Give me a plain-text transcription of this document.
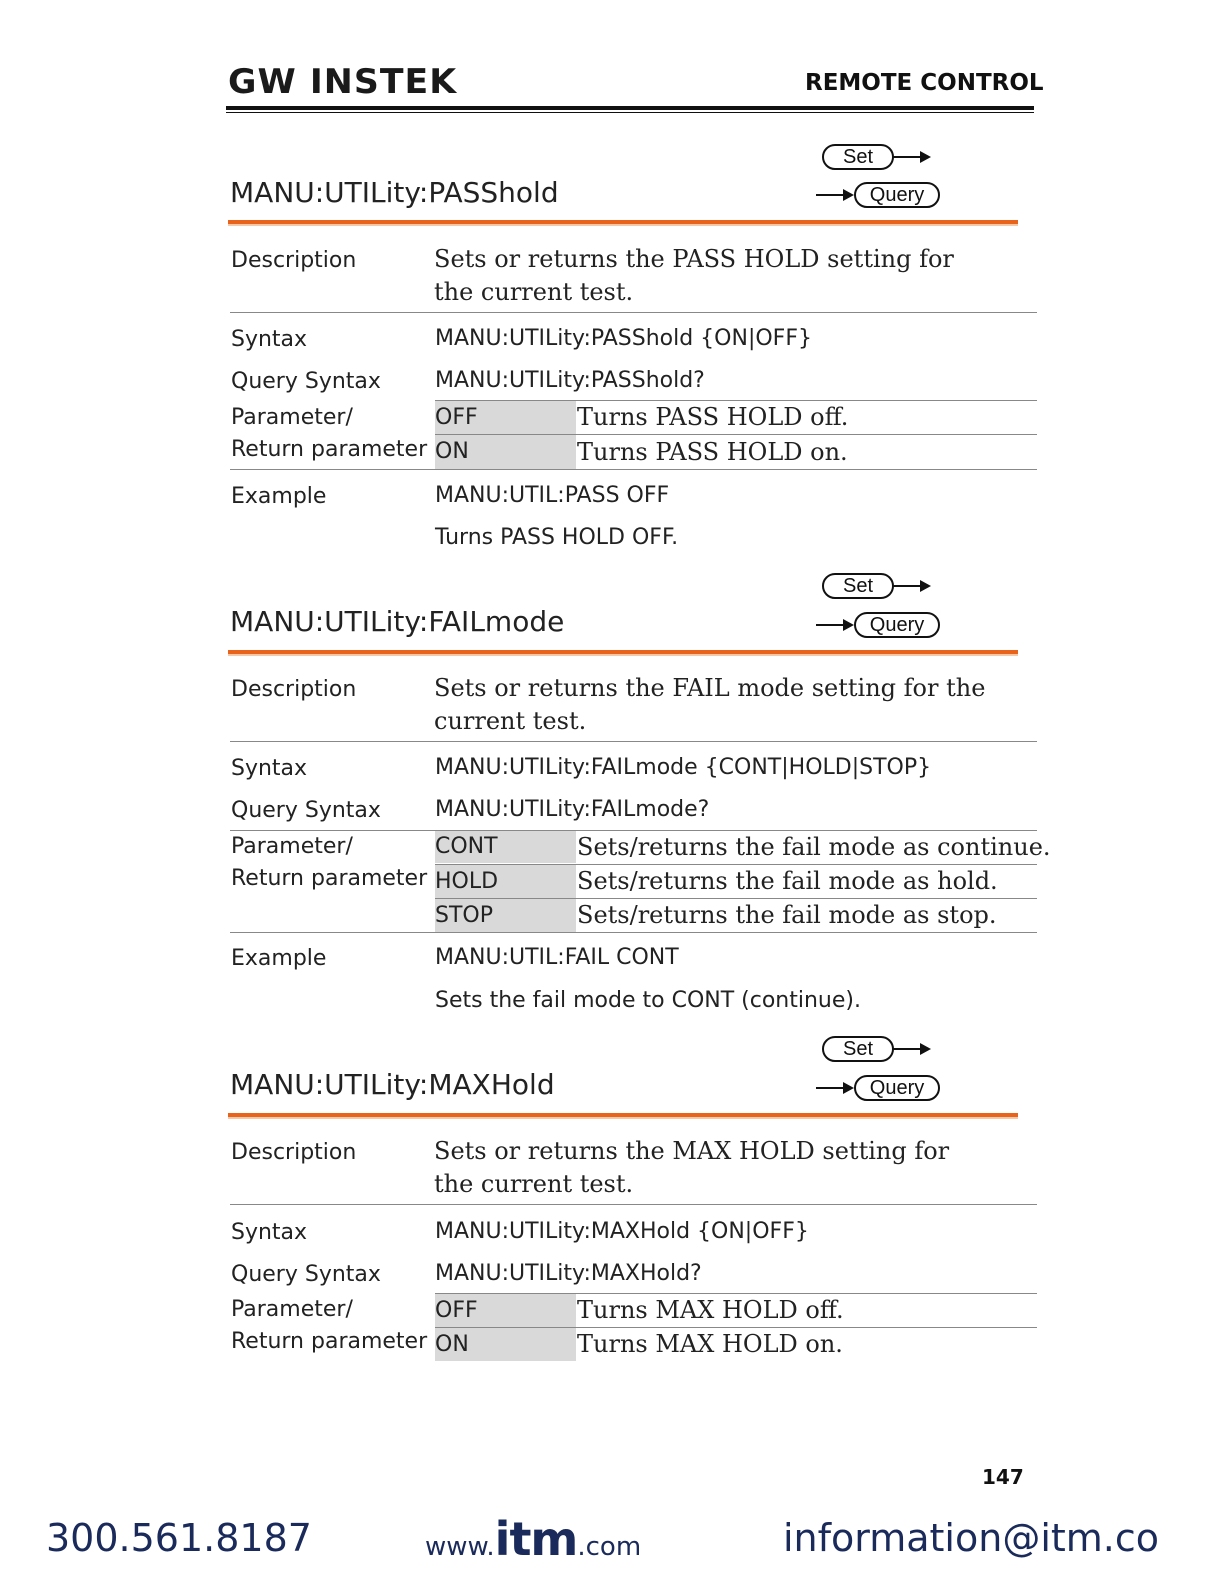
GW INSTEK	REMOTE CONTROL
Set
Query
MANU:UTILity:PASShold
Description	Sets or returns the PASS HOLD setting for the current test.
Syntax	MANU:UTILity:PASShold {ON|OFF}
Query Syntax MANU:UTILity:PASShold?
Parameter/
Return parameter
OFF	Turns PASS HOLD off.
ON	Turns PASS HOLD on.
Example	MANU:UTIL:PASS OFF
Turns PASS HOLD OFF.
Set
Query
MANU:UTILity:FAILmode
Description	Sets or returns the FAIL mode setting for the current test.
Syntax	MANU:UTILity:FAILmode {CONT|HOLD|STOP}
Query Syntax MANU:UTILity:FAILmode?
Parameter/
Return parameter
CONT	Sets/returns the fail mode as continue.
HOLD	Sets/returns the fail mode as hold.
STOP	Sets/returns the fail mode as stop.
Example	MANU:UTIL:FAIL CONT
Sets the fail mode to CONT (continue).
Set
Query
MANU:UTILity:MAXHold
Description	Sets or returns the MAX HOLD setting for the current test.
Syntax	MANU:UTILity:MAXHold {ON|OFF}
Query Syntax MANU:UTILity:MAXHold?
Parameter/
Return parameter
OFF	Turns MAX HOLD off.
ON	Turns MAX HOLD on.
147
300.561.8187	www.itm.com	information@itm.co
